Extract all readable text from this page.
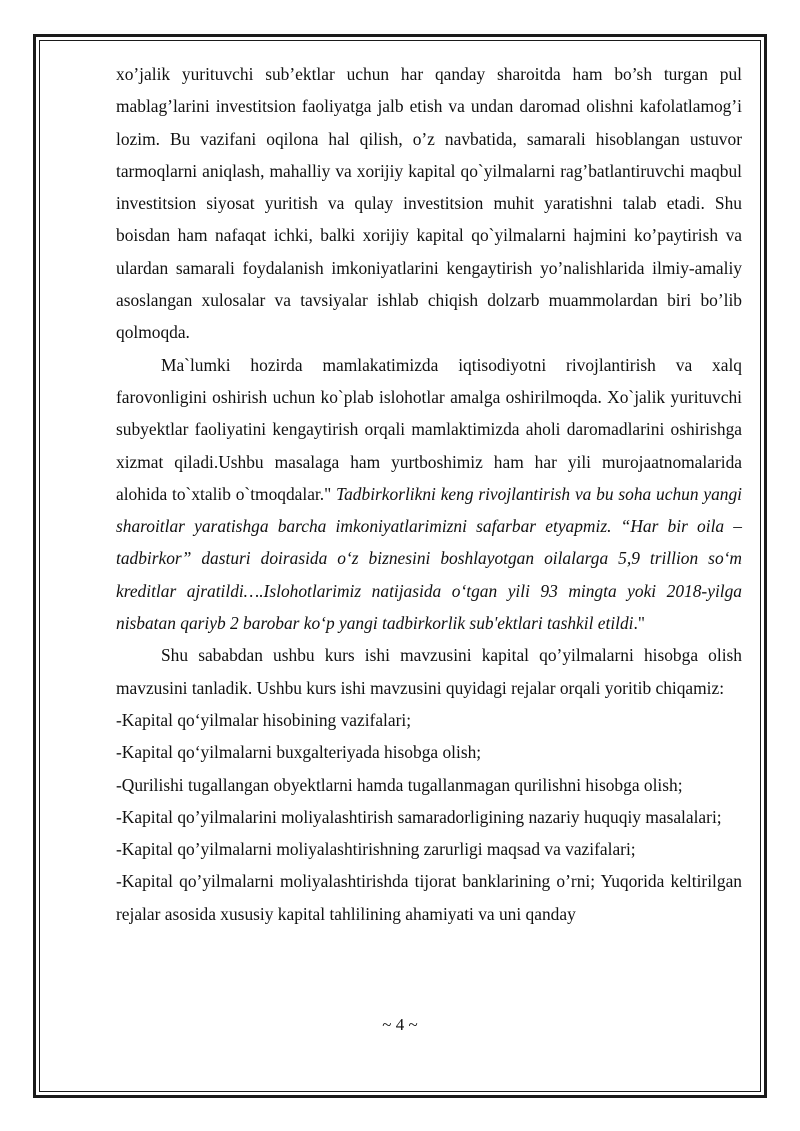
xo’jalik yurituvchi sub’ektlar uchun har qanday sharoitda ham bo’sh turgan pul mablag’larini investitsion faoliyatga jalb etish va undan daromad olishni kafolatlamog’i lozim. Bu vazifani oqilona hal qilish, o’z navbatida, samarali hisoblangan ustuvor tarmoqlarni aniqlash, mahalliy va xorijiy kapital qo`yilmalarni rag’batlantiruvchi maqbul investitsion siyosat yuritish va qulay investitsion muhit yaratishni talab etadi. Shu boisdan ham nafaqat ichki, balki xorijiy kapital qo`yilmalarni hajmini ko’paytirish va ulardan samarali foydalanish imkoniyatlarini kengaytirish yo’nalishlarida ilmiy-amaliy asoslangan xulosalar va tavsiyalar ishlab chiqish dolzarb muammolardan biri bo’lib qolmoqda.

Ma`lumki hozirda mamlakatimizda iqtisodiyotni rivojlantirish va xalq farovonligini oshirish uchun ko`plab islohotlar amalga oshirilmoqda. Xo`jalik yurituvchi subyektlar faoliyatini kengaytirish orqali mamlaktimizda aholi daromadlarini oshirishga xizmat qiladi.Ushbu masalaga ham yurtboshimiz ham har yili murojaatnomalarida alohida to`xtalib o`tmoqdalar." Tadbirkorlikni keng rivojlantirish va bu soha uchun yangi sharoitlar yaratishga barcha imkoniyatlarimizni safarbar etyapmiz. “Har bir oila – tadbirkor” dasturi doirasida o‘z biznesini boshlayotgan oilalarga 5,9 trillion so‘m kreditlar ajratildi….Islohotlarimiz natijasida o‘tgan yili 93 mingta yoki 2018-yilga nisbatan qariyb 2 barobar ko‘p yangi tadbirkorlik sub'ektlari tashkil etildi."

Shu sababdan ushbu kurs ishi mavzusini kapital qo’yilmalarni hisobga olish mavzusini tanladik. Ushbu kurs ishi mavzusini quyidagi rejalar orqali yoritib chiqamiz:

-Kapital qo‘yilmalar hisobining vazifalari;

-Kapital qo‘yilmalarni buxgalteriyada hisobga olish;

-Qurilishi tugallangan obyektlarni hamda tugallanmagan qurilishni hisobga olish;

-Kapital qo’yilmalarini moliyalashtirish samaradorligining nazariy huquqiy masalalari;

-Kapital qo’yilmalarni moliyalashtirishning zarurligi maqsad va vazifalari;

-Kapital qo’yilmalarni moliyalashtirishda tijorat banklarining o’rni; Yuqorida keltirilgan rejalar asosida xususiy kapital tahlilining ahamiyati va uni qanday

~ 4 ~
